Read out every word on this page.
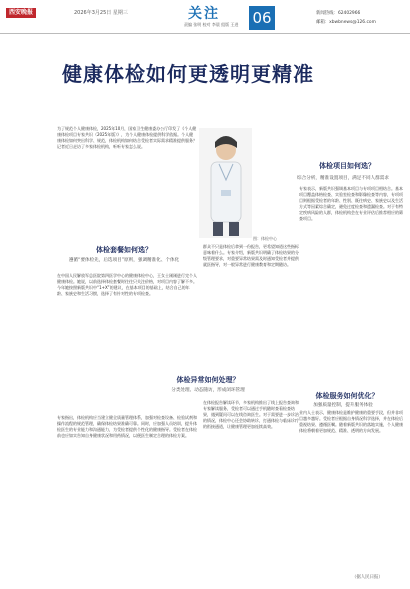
西安晚报	2026年3月25日 星期三	关注
责编 张明 校对 李晨 组版 王进 06	新闻热线：62402966
邮箱：xbwbnews@126.com
健康体检如何更透明更精准

为了规范个人健康体检，2025年10月，国家卫生健康委办公厅印发了《个人健康体检项目专家共识（2025年版）》，为个人健康体检提供科学依据。个人健康体检如何突出科学、规范，体检机构如何结合受检者实际需求精准提供服务？记者近日走访了多家体检机构，听听专家怎么说。

图：体检中心
体检套餐如何选？
遵循“要体检先，后选项目”原则，强调精准化、个体化
体检项目如何选？
综合分析，精准设置项目，满足不同人群需求
体检异常如何处理？
分类处理、动态随访，形成闭环管理
体检服务如何优化？
加强质量控制，提升服务体验
在中国人民解放军总医院第四医学中心的健康体检中心，王女士刚刚进行完个人健康体检。她说，以前选择体检套餐时往往只关注价格，对项目内容了解不多。今年她按照新版共识中“1+X”的建议，在基本项目的基础上，结合自己的年龄、家族史和生活习惯，选择了有针对性的专项检查。
群众不只是体检后拿到一份报告，更希望知道这些指标意味着什么。专家介绍，新版共识明确了体检结果的分级管理要求，对重要异常结果需及时通知受检者并提供就医指导，对一般异常进行健康教育和定期随访。
专家表示，新版共识强调基本项目与专项项目相结合。基本项目覆盖体格检查、实验室检查和影像检查等内容，专项项目则根据受检者的年龄、性别、既往病史、家族史以及生活方式等因素综合确定，避免过度检查和遗漏检查。对于有特定疾病风险的人群，体检机构会在专业评估后推荐相应的筛查项目。
专家指出，体检机构应当建立健全质量管理体系，加强对检查设备、检验试剂和操作流程的规范管理，确保体检结果准确可靠。同时，应加强人员培训，提升体检医生的专业能力和沟通能力，为受检者提供个性化的健康指导。受检者在体检前也应如实告知自身健康状况和用药情况，以便医生制定合理的体检方案。
在体检报告解读环节，多家机构推出了线上报告查询和专家解读服务，受检者可以通过手机随时查看检查结果，遇到疑问可以在线咨询医生。对于需要进一步诊治的情况，体检中心还会协助转诊，打通体检与临床诊疗的衔接通道，让健康管理更加连续高效。
业内人士表示，健康体检是维护健康的重要手段，但并非项目越多越好。受检者应根据自身情况科学选择，并在体检后重视结果、遵循医嘱。随着新版共识的落地实施，个人健康体检将朝着更加规范、精准、透明的方向发展。
（据人民日报）
